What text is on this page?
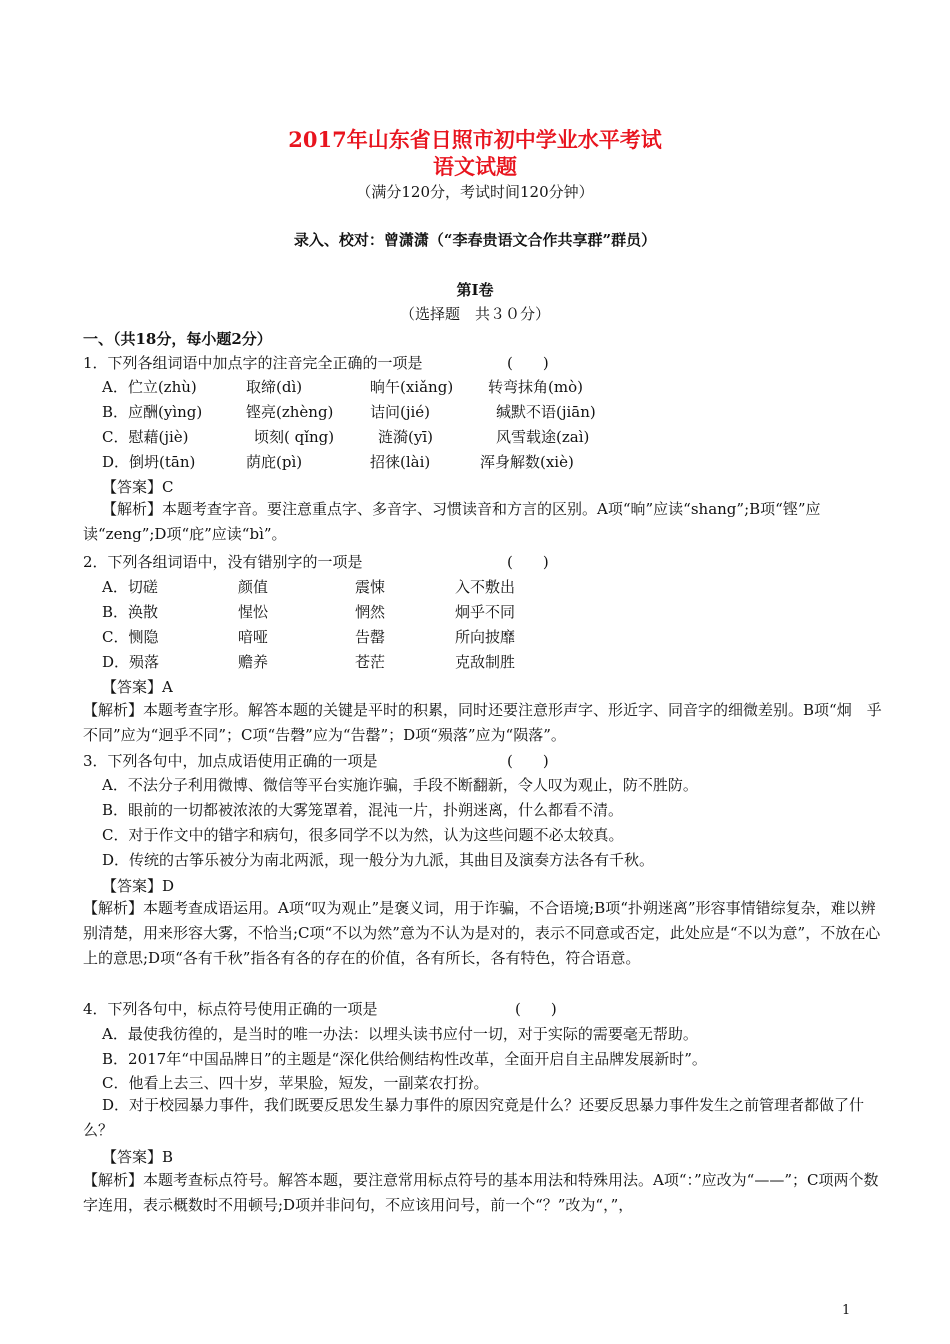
2017年山东省日照市初中学业水平考试
语文试题
（满分120分，考试时间120分钟）
录入、校对：曾潇潇（“李春贵语文合作共享群”群员）
第Ⅰ卷
（选择题　共３０分）
一、（共18分，每小题2分）
1．下列各组词语中加点字的注音完全正确的一项是	(　　)
A．伫立(zhù)	取缔(dì)	晌午(xiǎng) 转弯抹角(mò)
B．应酬(yìng)	铿亮(zhèng) 诘问(jié)	缄默不语(jiān)
C．慰藉(jiè)	顷刻( qǐng)	涟漪(yī)	风雪载途(zaì)
D．倒坍(tān)	荫庇(pì)	招徕(lài)	浑身解数(xiè)
【答案】C
【解析】本题考查字音。要注意重点字、多音字、习惯读音和方言的区别。A项“晌”应读“shang”;B项“铿”应读“zeng”;D项“庇”应读“bì”。
2．下列各组词语中，没有错别字的一项是	(　　)
A．切磋	颜值	震悚	入不敷出
B．涣散	惺忪	惘然	炯乎不同
C．恻隐	喑哑	告罄	所向披靡
D．殒落	赡养	苍茫	克敌制胜
【答案】A
【解析】本题考查字形。解答本题的关键是平时的积累，同时还要注意形声字、形近字、同音字的细微差别。B项“炯　乎不同”应为“迥乎不同”；C项“告磬”应为“告罄”；D项“殒落”应为“陨落”。
3．下列各句中，加点成语使用正确的一项是	(　　)
A．不法分子利用微博、微信等平台实施诈骗，手段不断翻新，令人叹为观止，防不胜防。
B．眼前的一切都被浓浓的大雾笼罩着，混沌一片，扑朔迷离，什么都看不清。
C．对于作文中的错字和病句，很多同学不以为然，认为这些问题不必太较真。
D．传统的古筝乐被分为南北两派，现一般分为九派，其曲目及演奏方法各有千秋。
【答案】D
【解析】本题考查成语运用。A项“叹为观止”是褒义词，用于诈骗，不合语境;B项“扑朔迷离”形容事情错综复杂，难以辨别清楚，用来形容大雾，不恰当;C项“不以为然”意为不认为是对的，表示不同意或否定，此处应是“不以为意”，不放在心上的意思;D项“各有千秋”指各有各的存在的价值，各有所长，各有特色，符合语意。
4．下列各句中，标点符号使用正确的一项是	(　　)
A．最使我彷徨的，是当时的唯一办法：以埋头读书应付一切，对于实际的需要毫无帮助。
B．2017年“中国品牌日”的主题是“深化供给侧结构性改革，全面开启自主品牌发展新时”。
C．他看上去三、四十岁，苹果脸，短发，一副菜农打扮。
D．对于校园暴力事件，我们既要反思发生暴力事件的原因究竟是什么？还要反思暴力事件发生之前管理者都做了什么？
【答案】B
【解析】本题考查标点符号。解答本题，要注意常用标点符号的基本用法和特殊用法。A项“：”应改为“——”；C项两个数字连用，表示概数时不用顿号;D项并非问句，不应该用问号，前一个“？”改为“，”，
1
